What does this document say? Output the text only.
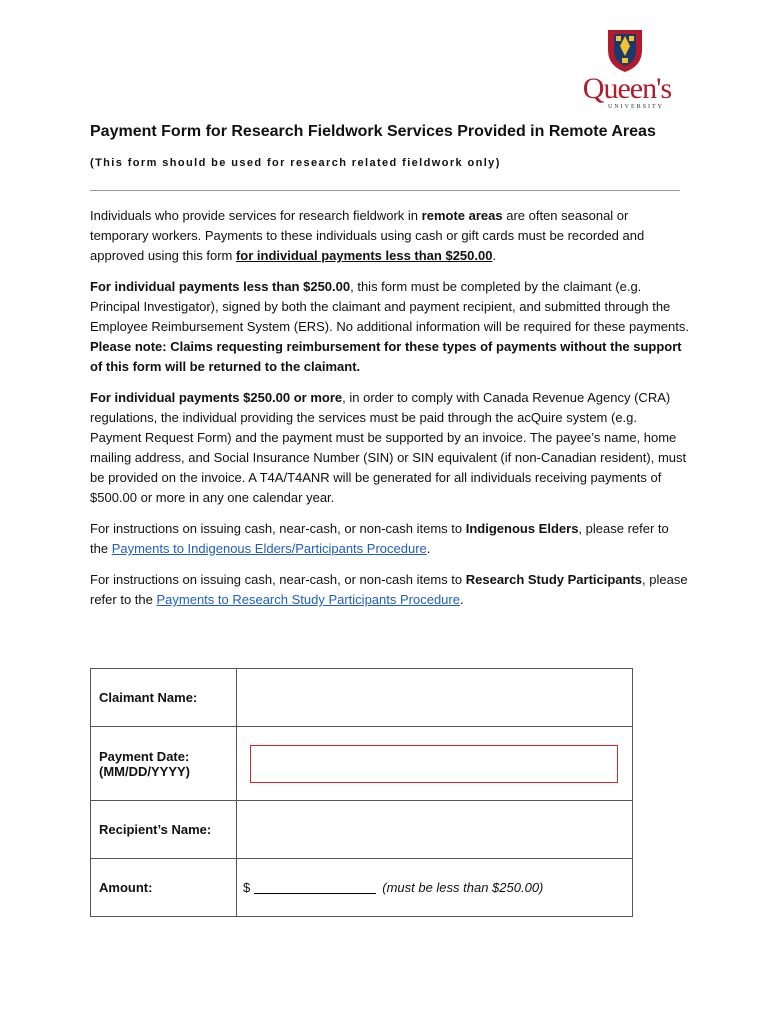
Queen's
UNIVERSITY
Payment Form for Research Fieldwork Services Provided in Remote Areas
(This form should be used for research related fieldwork only)

Individuals who provide services for research fieldwork in remote areas are often seasonal or temporary workers. Payments to these individuals using cash or gift cards must be recorded and approved using this form for individual payments less than $250.00.

For individual payments less than $250.00, this form must be completed by the claimant (e.g. Principal Investigator), signed by both the claimant and payment recipient, and submitted through the Employee Reimbursement System (ERS). No additional information will be required for these payments. Please note: Claims requesting reimbursement for these types of payments without the support of this form will be returned to the claimant.

For individual payments $250.00 or more, in order to comply with Canada Revenue Agency (CRA) regulations, the individual providing the services must be paid through the acQuire system (e.g. Payment Request Form) and the payment must be supported by an invoice. The payee’s name, home mailing address, and Social Insurance Number (SIN) or SIN equivalent (if non-Canadian resident), must be provided on the invoice. A T4A/T4ANR will be generated for all individuals receiving payments of $500.00 or more in any one calendar year.

For instructions on issuing cash, near-cash, or non-cash items to Indigenous Elders, please refer to the Payments to Indigenous Elders/Participants Procedure.

For instructions on issuing cash, near-cash, or non-cash items to Research Study Participants, please refer to the Payments to Research Study Participants Procedure.

Claimant Name:	

Payment Date:
(MM/DD/YYYY)	

Recipient’s Name:	
Amount:	$ (must be less than $250.00)
